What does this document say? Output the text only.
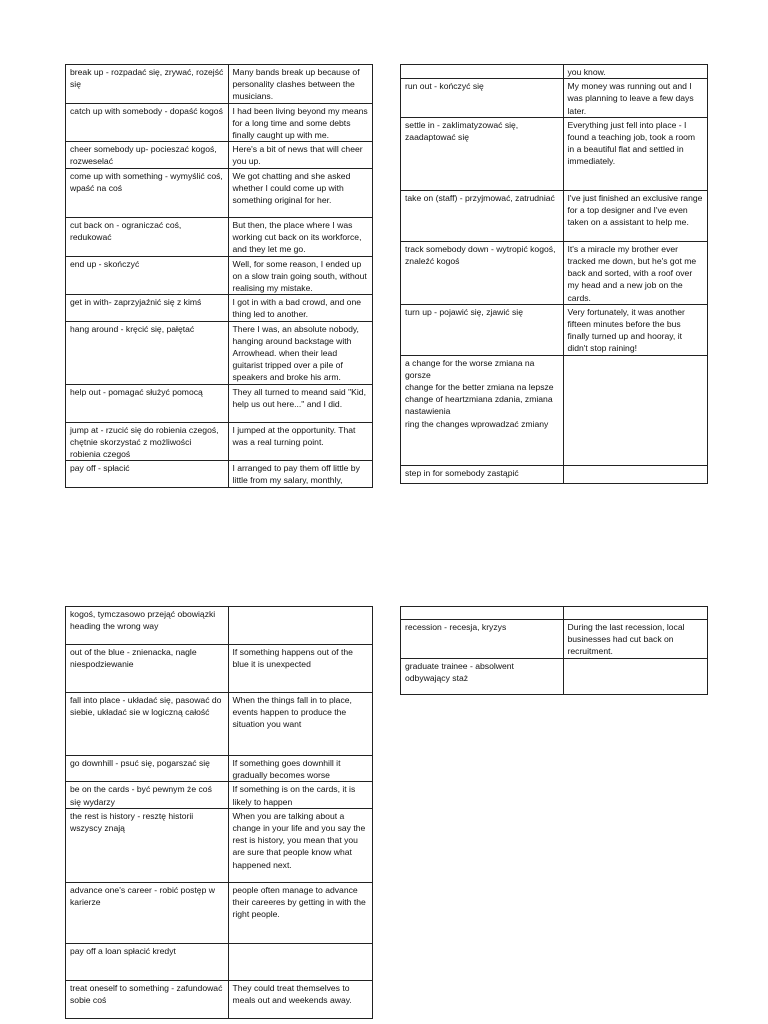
break up - rozpadać się, zrywać, rozejść się	Many bands break up because of personality clashes between the musicians.
catch up with somebody - dopaść kogoś	I had been living beyond my means for a long time and some debts finally caught up with me.
cheer somebody up- pocieszać kogoś, rozweselać	Here's a bit of news that will cheer you up.
come up with something - wymyślić coś, wpaść na coś	We got chatting and she asked whether I could come up with something original for her.
cut back on - ograniczać coś, redukować	But then, the place where I was working cut back on its workforce, and they let me go.
end up - skończyć	Well, for some reason, I ended up on a slow train going south, without realising my mistake.
get in with- zaprzyjaźnić się z kimś	I got in with a bad crowd, and one thing led to another.
hang around - kręcić się, pałętać	There I was, an absolute nobody, hanging around backstage with Arrowhead. when their lead guitarist tripped over a pile of speakers and broke his arm.
help out - pomagać służyć pomocą	They all turned to meand said "Kid, help us out here..." and I did.
jump at - rzucić się do robienia czegoś, chętnie skorzystać z możliwości robienia czegoś	I jumped at the opportunity. That was a real turning point.
pay off - spłacić	I arranged to pay them off little by little from my salary, monthly,
	you know.
run out - kończyć się	My money was running out and I was planning to leave a few days later.
settle in - zaklimatyzować się, zaadaptować się	Everything just fell into place - I found a teaching job, took a room in a beautiful flat and settled in immediately.
take on (staff) - przyjmować, zatrudniać	I've just finished an exclusive range for a top designer and I've even taken on a assistant to help me.
track somebody down - wytropić kogoś, znaleźć kogoś	It's a miracle my brother ever tracked me down, but he's got me back and sorted, with a roof over my head and a new job on the cards.
turn up - pojawić się, zjawić się	Very fortunately, it was another fifteen minutes before the bus finally turned up and hooray, it didn't stop raining!
a change for the worse zmiana na gorsze
change for the better zmiana na lepsze
change of heartzmiana zdania, zmiana nastawienia
ring the changes wprowadzać zmiany	
step in for somebody zastąpić	
kogoś, tymczasowo przejąć obowiązki
heading the wrong way	
out of the blue - znienacka, nagle niespodziewanie	If something happens out of the blue it is unexpected
fall into place - układać się, pasować do siebie, układać sie w logiczną całość	When the things fall in to place, events happen to produce the situation you want
go downhill - psuć się, pogarszać się	If something goes downhill it gradually becomes worse
be on the cards - być pewnym że coś się wydarzy	If something is on the cards, it is likely to happen
the rest is history - resztę historii wszyscy znają	When you are talking about a change in your life and you say the rest is history, you mean that you are sure that people know what happened next.
advance one's career - robić postęp w karierze	people often manage to advance their careeres by getting in with the right people.
pay off a loan spłacić kredyt	
treat oneself to something - zafundować sobie coś	They could treat themselves to meals out and weekends away.

recession - recesja, kryzys	During the last recession, local businesses had cut back on recruitment.
graduate trainee - absolwent odbywający staż	
